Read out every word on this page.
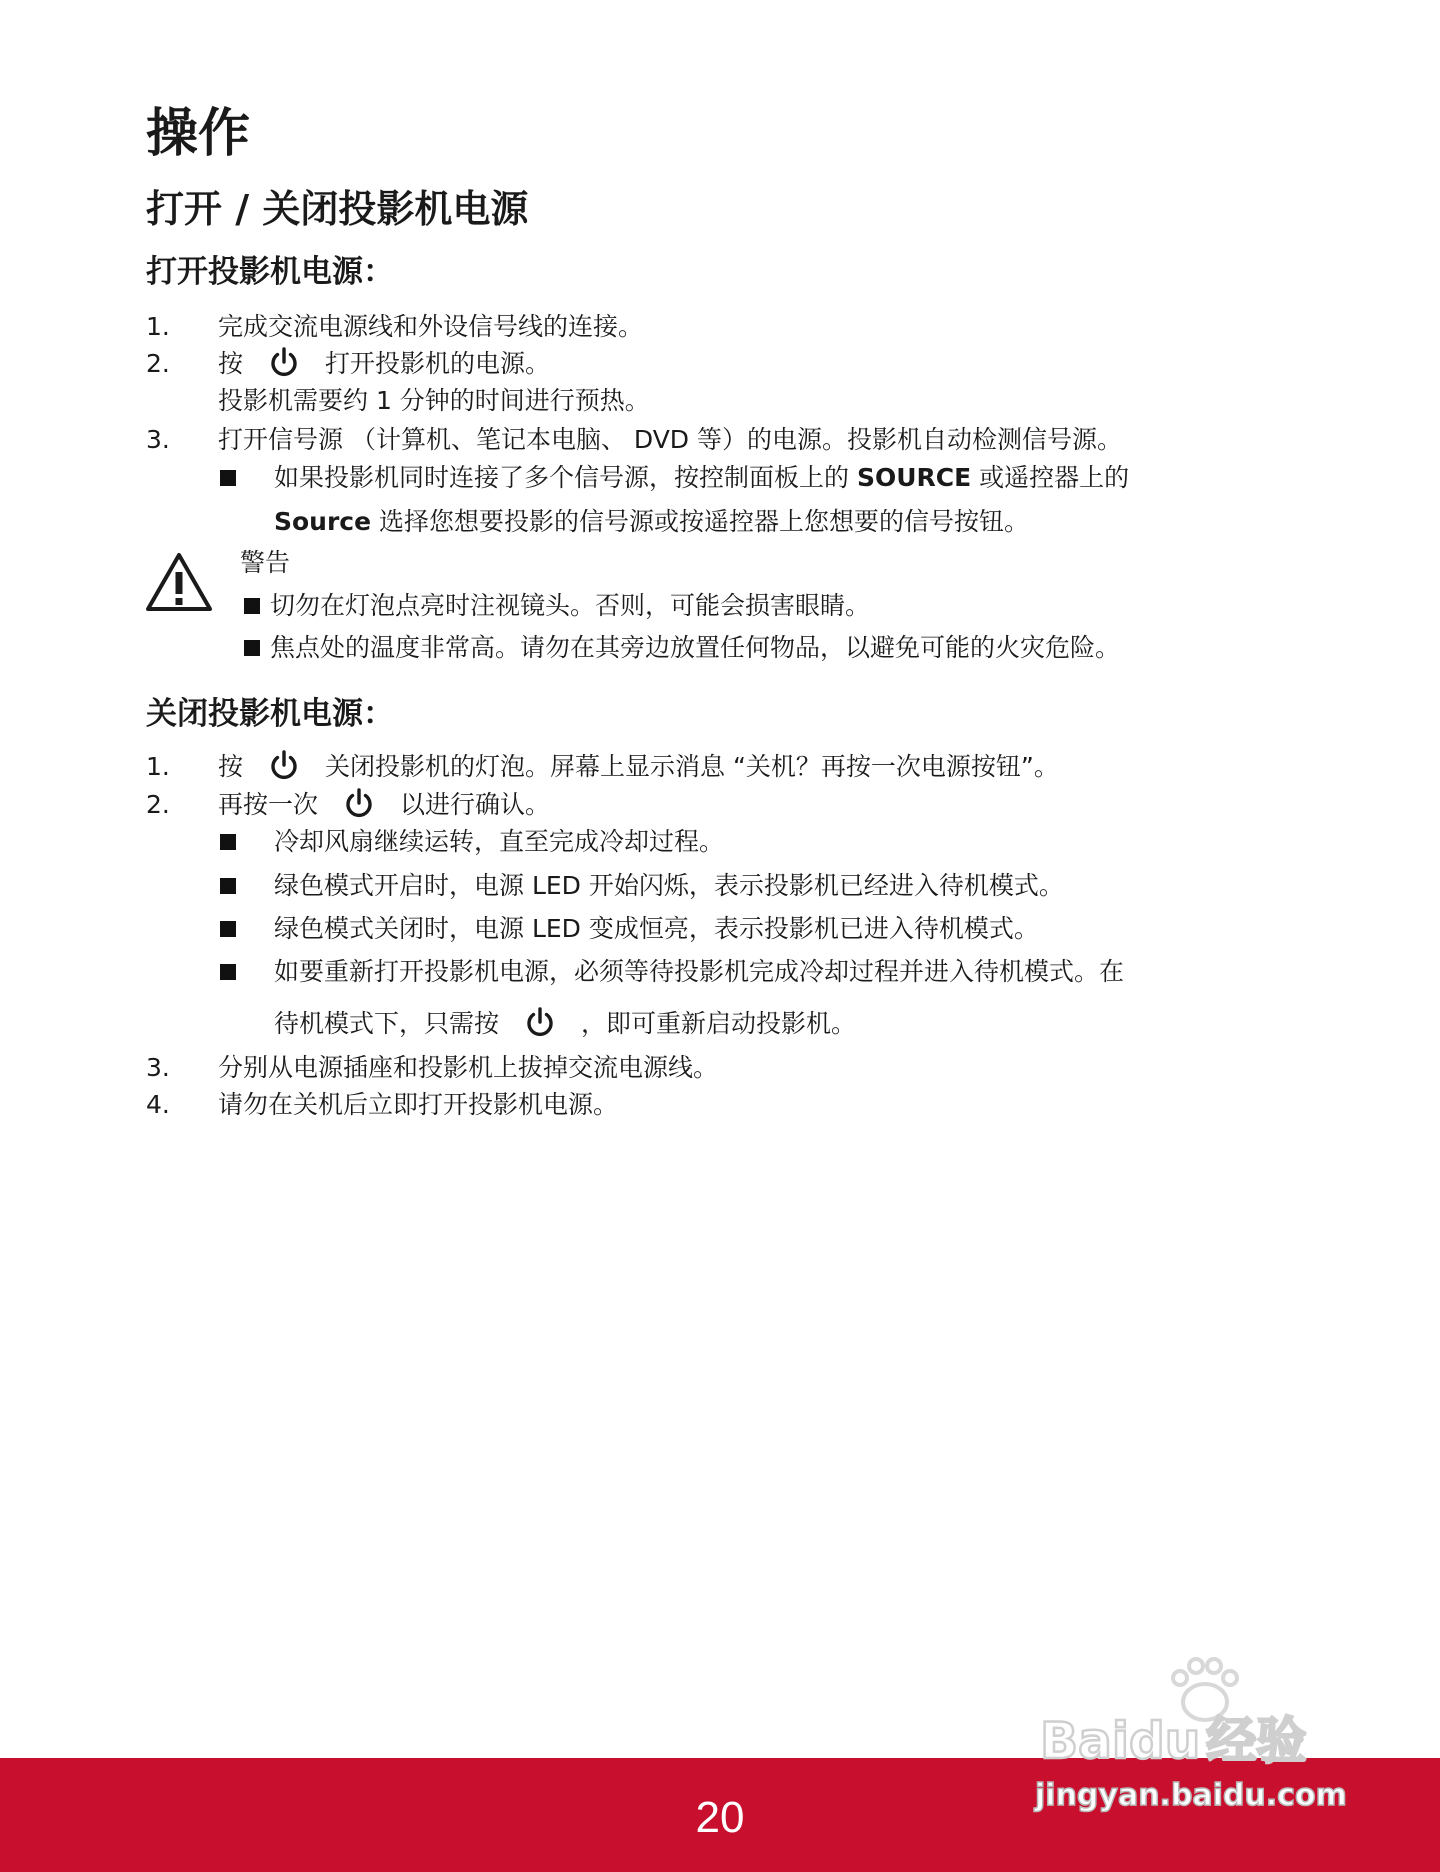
操作
打开 / 关闭投影机电源
打开投影机电源：
1. 完成交流电源线和外设信号线的连接。
2. 按	打开投影机的电源。
投影机需要约 1 分钟的时间进行预热。
3. 打开信号源 （计算机、笔记本电脑、 DVD 等）的电源。投影机自动检测信号源。
如果投影机同时连接了多个信号源，按控制面板上的 SOURCE 或遥控器上的
Source 选择您想要投影的信号源或按遥控器上您想要的信号按钮。
警告
切勿在灯泡点亮时注视镜头。否则，可能会损害眼睛。
焦点处的温度非常高。请勿在其旁边放置任何物品，以避免可能的火灾危险。
关闭投影机电源：
1. 按	关闭投影机的灯泡。屏幕上显示消息 “关机？再按一次电源按钮”。
2. 再按一次	以进行确认。
冷却风扇继续运转，直至完成冷却过程。
绿色模式开启时，电源 LED 开始闪烁，表示投影机已经进入待机模式。
绿色模式关闭时，电源 LED 变成恒亮，表示投影机已进入待机模式。
如要重新打开投影机电源，必须等待投影机完成冷却过程并进入待机模式。在
待机模式下，只需按	，即可重新启动投影机。
3. 分别从电源插座和投影机上拔掉交流电源线。
4. 请勿在关机后立即打开投影机电源。
20
Baidu 经验
jingyan.baidu.com
